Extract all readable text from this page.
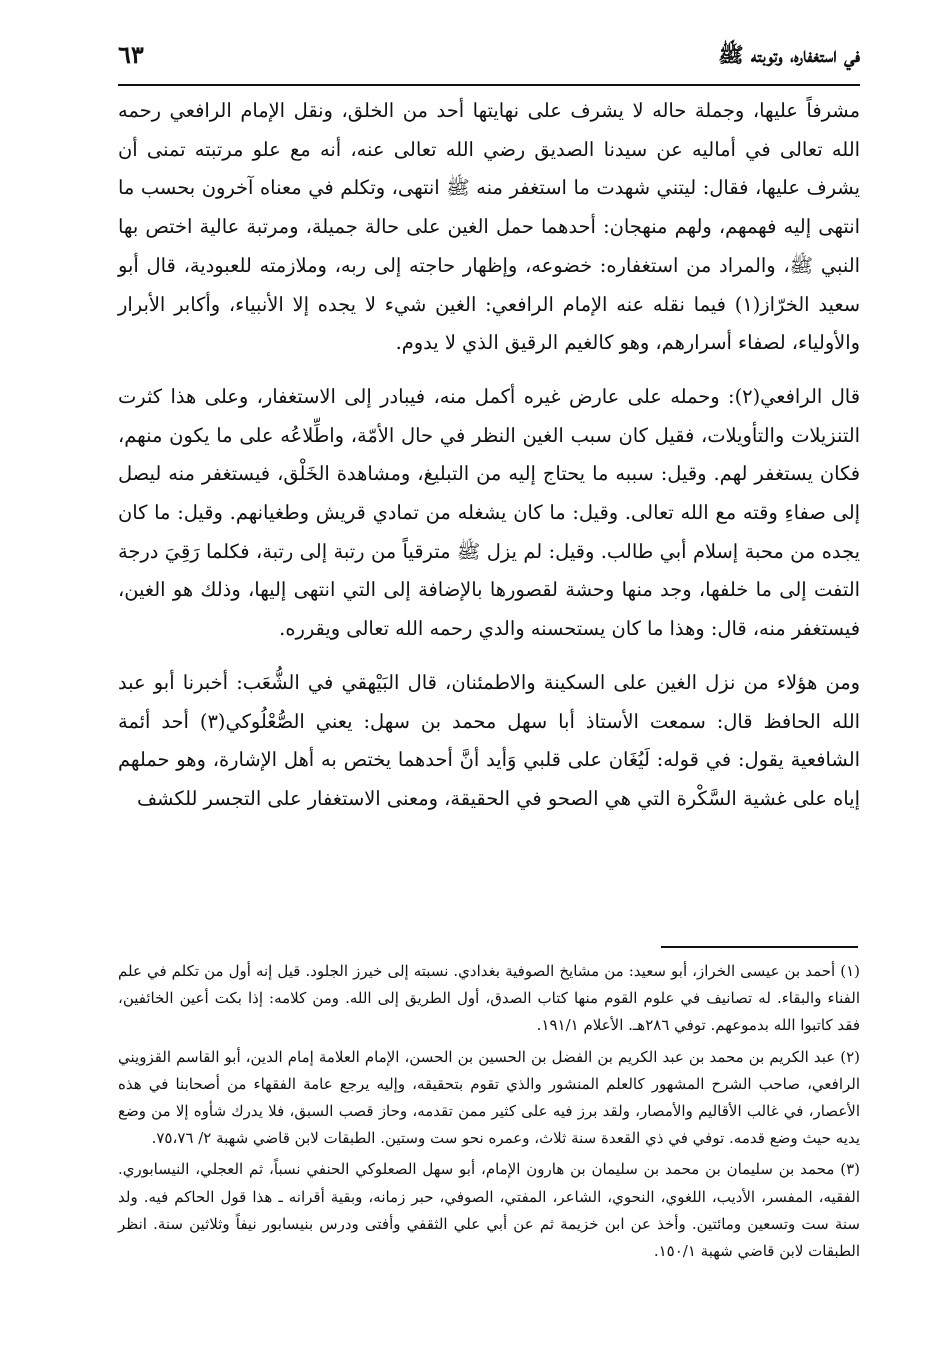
في استغفاره، وتوبته ﷺ
٦٣

مشرفاً عليها، وجملة حاله لا يشرف على نهايتها أحد من الخلق، ونقل الإمام الرافعي رحمه الله تعالى في أماليه عن سيدنا الصديق رضي الله تعالى عنه، أنه مع علو مرتبته تمنى أن يشرف عليها، فقال: ليتني شهدت ما استغفر منه ﷺ انتهى، وتكلم في معناه آخرون بحسب ما انتهى إليه فهمهم، ولهم منهجان: أحدهما حمل الغين على حالة جميلة، ومرتبة عالية اختص بها النبي ﷺ، والمراد من استغفاره: خضوعه، وإظهار حاجته إلى ربه، وملازمته للعبودية، قال أبو سعيد الخرّاز(١) فيما نقله عنه الإمام الرافعي: الغين شيء لا يجده إلا الأنبياء، وأكابر الأبرار والأولياء، لصفاء أسرارهم، وهو كالغيم الرقيق الذي لا يدوم.

قال الرافعي(٢): وحمله على عارض غيره أكمل منه، فيبادر إلى الاستغفار، وعلى هذا كثرت التنزيلات والتأويلات، فقيل كان سبب الغين النظر في حال الأمّة، واطِّلاعُه على ما يكون منهم، فكان يستغفر لهم. وقيل: سببه ما يحتاج إليه من التبليغ، ومشاهدة الخَلْق، فيستغفر منه ليصل إلى صفاءِ وقته مع الله تعالى. وقيل: ما كان يشغله من تمادي قريش وطغيانهم. وقيل: ما كان يجده من محبة إسلام أبي طالب. وقيل: لم يزل ﷺ مترقياً من رتبة إلى رتبة، فكلما رَقِيَ درجة التفت إلى ما خلفها، وجد منها وحشة لقصورها بالإضافة إلى التي انتهى إليها، وذلك هو الغين، فيستغفر منه، قال: وهذا ما كان يستحسنه والدي رحمه الله تعالى ويقرره.

ومن هؤلاء من نزل الغين على السكينة والاطمئنان، قال البَيْهقي في الشُّعَب: أخبرنا أبو عبد الله الحافظ قال: سمعت الأستاذ أبا سهل محمد بن سهل: يعني الصُّعْلُوكي(٣) أحد أئمة الشافعية يقول: في قوله: لَيُغَان على قلبي وَأيد أنَّ أحدهما يختص به أهل الإشارة، وهو حملهم إياه على غشية السَّكْرة التي هي الصحو في الحقيقة، ومعنى الاستغفار على التجسر للكشف

(١) أحمد بن عيسى الخراز، أبو سعيد: من مشايخ الصوفية بغدادي. نسبته إلى خيرز الجلود. قيل إنه أول من تكلم في علم الفناء والبقاء. له تصانيف في علوم القوم منها كتاب الصدق، أول الطريق إلى الله. ومن كلامه: إذا بكت أعين الخائفين، فقد كاتبوا الله بدموعهم. توفي ٢٨٦هـ. الأعلام ١٩١/١.

(٢) عبد الكريم بن محمد بن عبد الكريم بن الفضل بن الحسين بن الحسن، الإمام العلامة إمام الدين، أبو القاسم القزويني الرافعي، صاحب الشرح المشهور كالعلم المنشور والذي تقوم بتحقيقه، وإليه يرجع عامة الفقهاء من أصحابنا في هذه الأعصار، في غالب الأقاليم والأمصار، ولقد برز فيه على كثير ممن تقدمه، وحاز قصب السبق، فلا يدرك شأوه إلا من وضع يديه حيث وضع قدمه. توفي في ذي القعدة سنة ثلاث، وعمره نحو ست وستين. الطبقات لابن قاضي شهبة ٢/ ٧٥،٧٦.

(٣) محمد بن سليمان بن محمد بن سليمان بن هارون الإمام، أبو سهل الصعلوكي الحنفي نسباً، ثم العجلي، النيسابوري. الفقيه، المفسر، الأديب، اللغوي، النحوي، الشاعر، المفتي، الصوفي، حبر زمانه، وبقية أقرانه ـ هذا قول الحاكم فيه. ولد سنة ست وتسعين ومائتين. وأخذ عن ابن خزيمة ثم عن أبي علي الثقفي وأفتى ودرس بنيسابور نيفاً وثلاثين سنة. انظر الطبقات لابن قاضي شهبة ١٥٠/١.
